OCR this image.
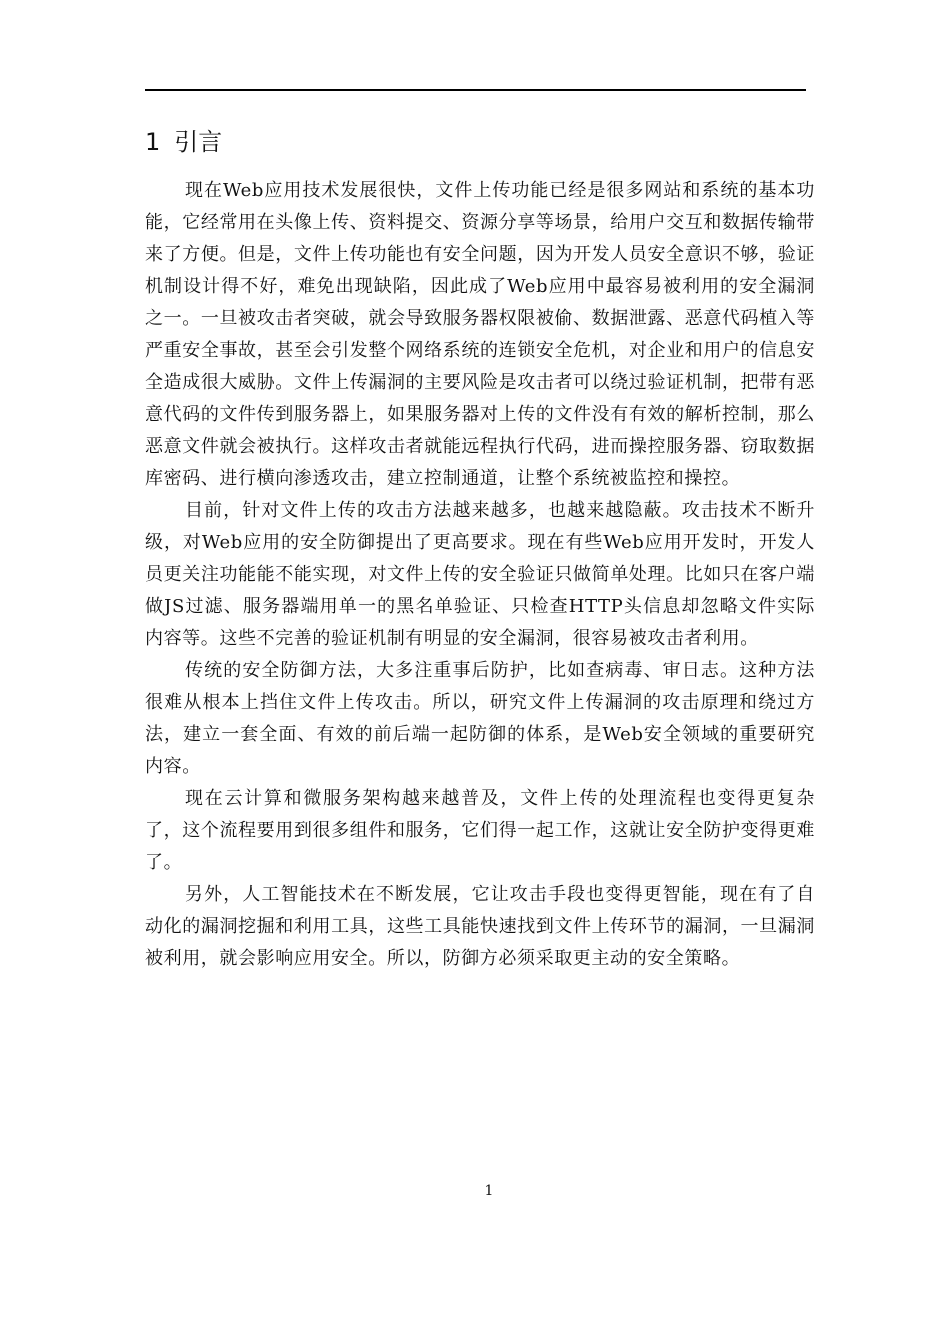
1 引言

现在Web应用技术发展很快，文件上传功能已经是很多网站和系统的基本功能，它经常用在头像上传、资料提交、资源分享等场景，给用户交互和数据传输带来了方便。但是，文件上传功能也有安全问题，因为开发人员安全意识不够，验证机制设计得不好，难免出现缺陷，因此成了Web应用中最容易被利用的安全漏洞之一。一旦被攻击者突破，就会导致服务器权限被偷、数据泄露、恶意代码植入等严重安全事故，甚至会引发整个网络系统的连锁安全危机，对企业和用户的信息安全造成很大威胁。文件上传漏洞的主要风险是攻击者可以绕过验证机制，把带有恶意代码的文件传到服务器上，如果服务器对上传的文件没有有效的解析控制，那么恶意文件就会被执行。这样攻击者就能远程执行代码，进而操控服务器、窃取数据库密码、进行横向渗透攻击，建立控制通道，让整个系统被监控和操控。

目前，针对文件上传的攻击方法越来越多，也越来越隐蔽。攻击技术不断升级，对Web应用的安全防御提出了更高要求。现在有些Web应用开发时，开发人员更关注功能能不能实现，对文件上传的安全验证只做简单处理。比如只在客户端做JS过滤、服务器端用单一的黑名单验证、只检查HTTP头信息却忽略文件实际内容等。这些不完善的验证机制有明显的安全漏洞，很容易被攻击者利用。

传统的安全防御方法，大多注重事后防护，比如查病毒、审日志。这种方法很难从根本上挡住文件上传攻击。所以，研究文件上传漏洞的攻击原理和绕过方法，建立一套全面、有效的前后端一起防御的体系，是Web安全领域的重要研究内容。

现在云计算和微服务架构越来越普及，文件上传的处理流程也变得更复杂了，这个流程要用到很多组件和服务，它们得一起工作，这就让安全防护变得更难了。

另外，人工智能技术在不断发展，它让攻击手段也变得更智能，现在有了自动化的漏洞挖掘和利用工具，这些工具能快速找到文件上传环节的漏洞，一旦漏洞被利用，就会影响应用安全。所以，防御方必须采取更主动的安全策略。

1
